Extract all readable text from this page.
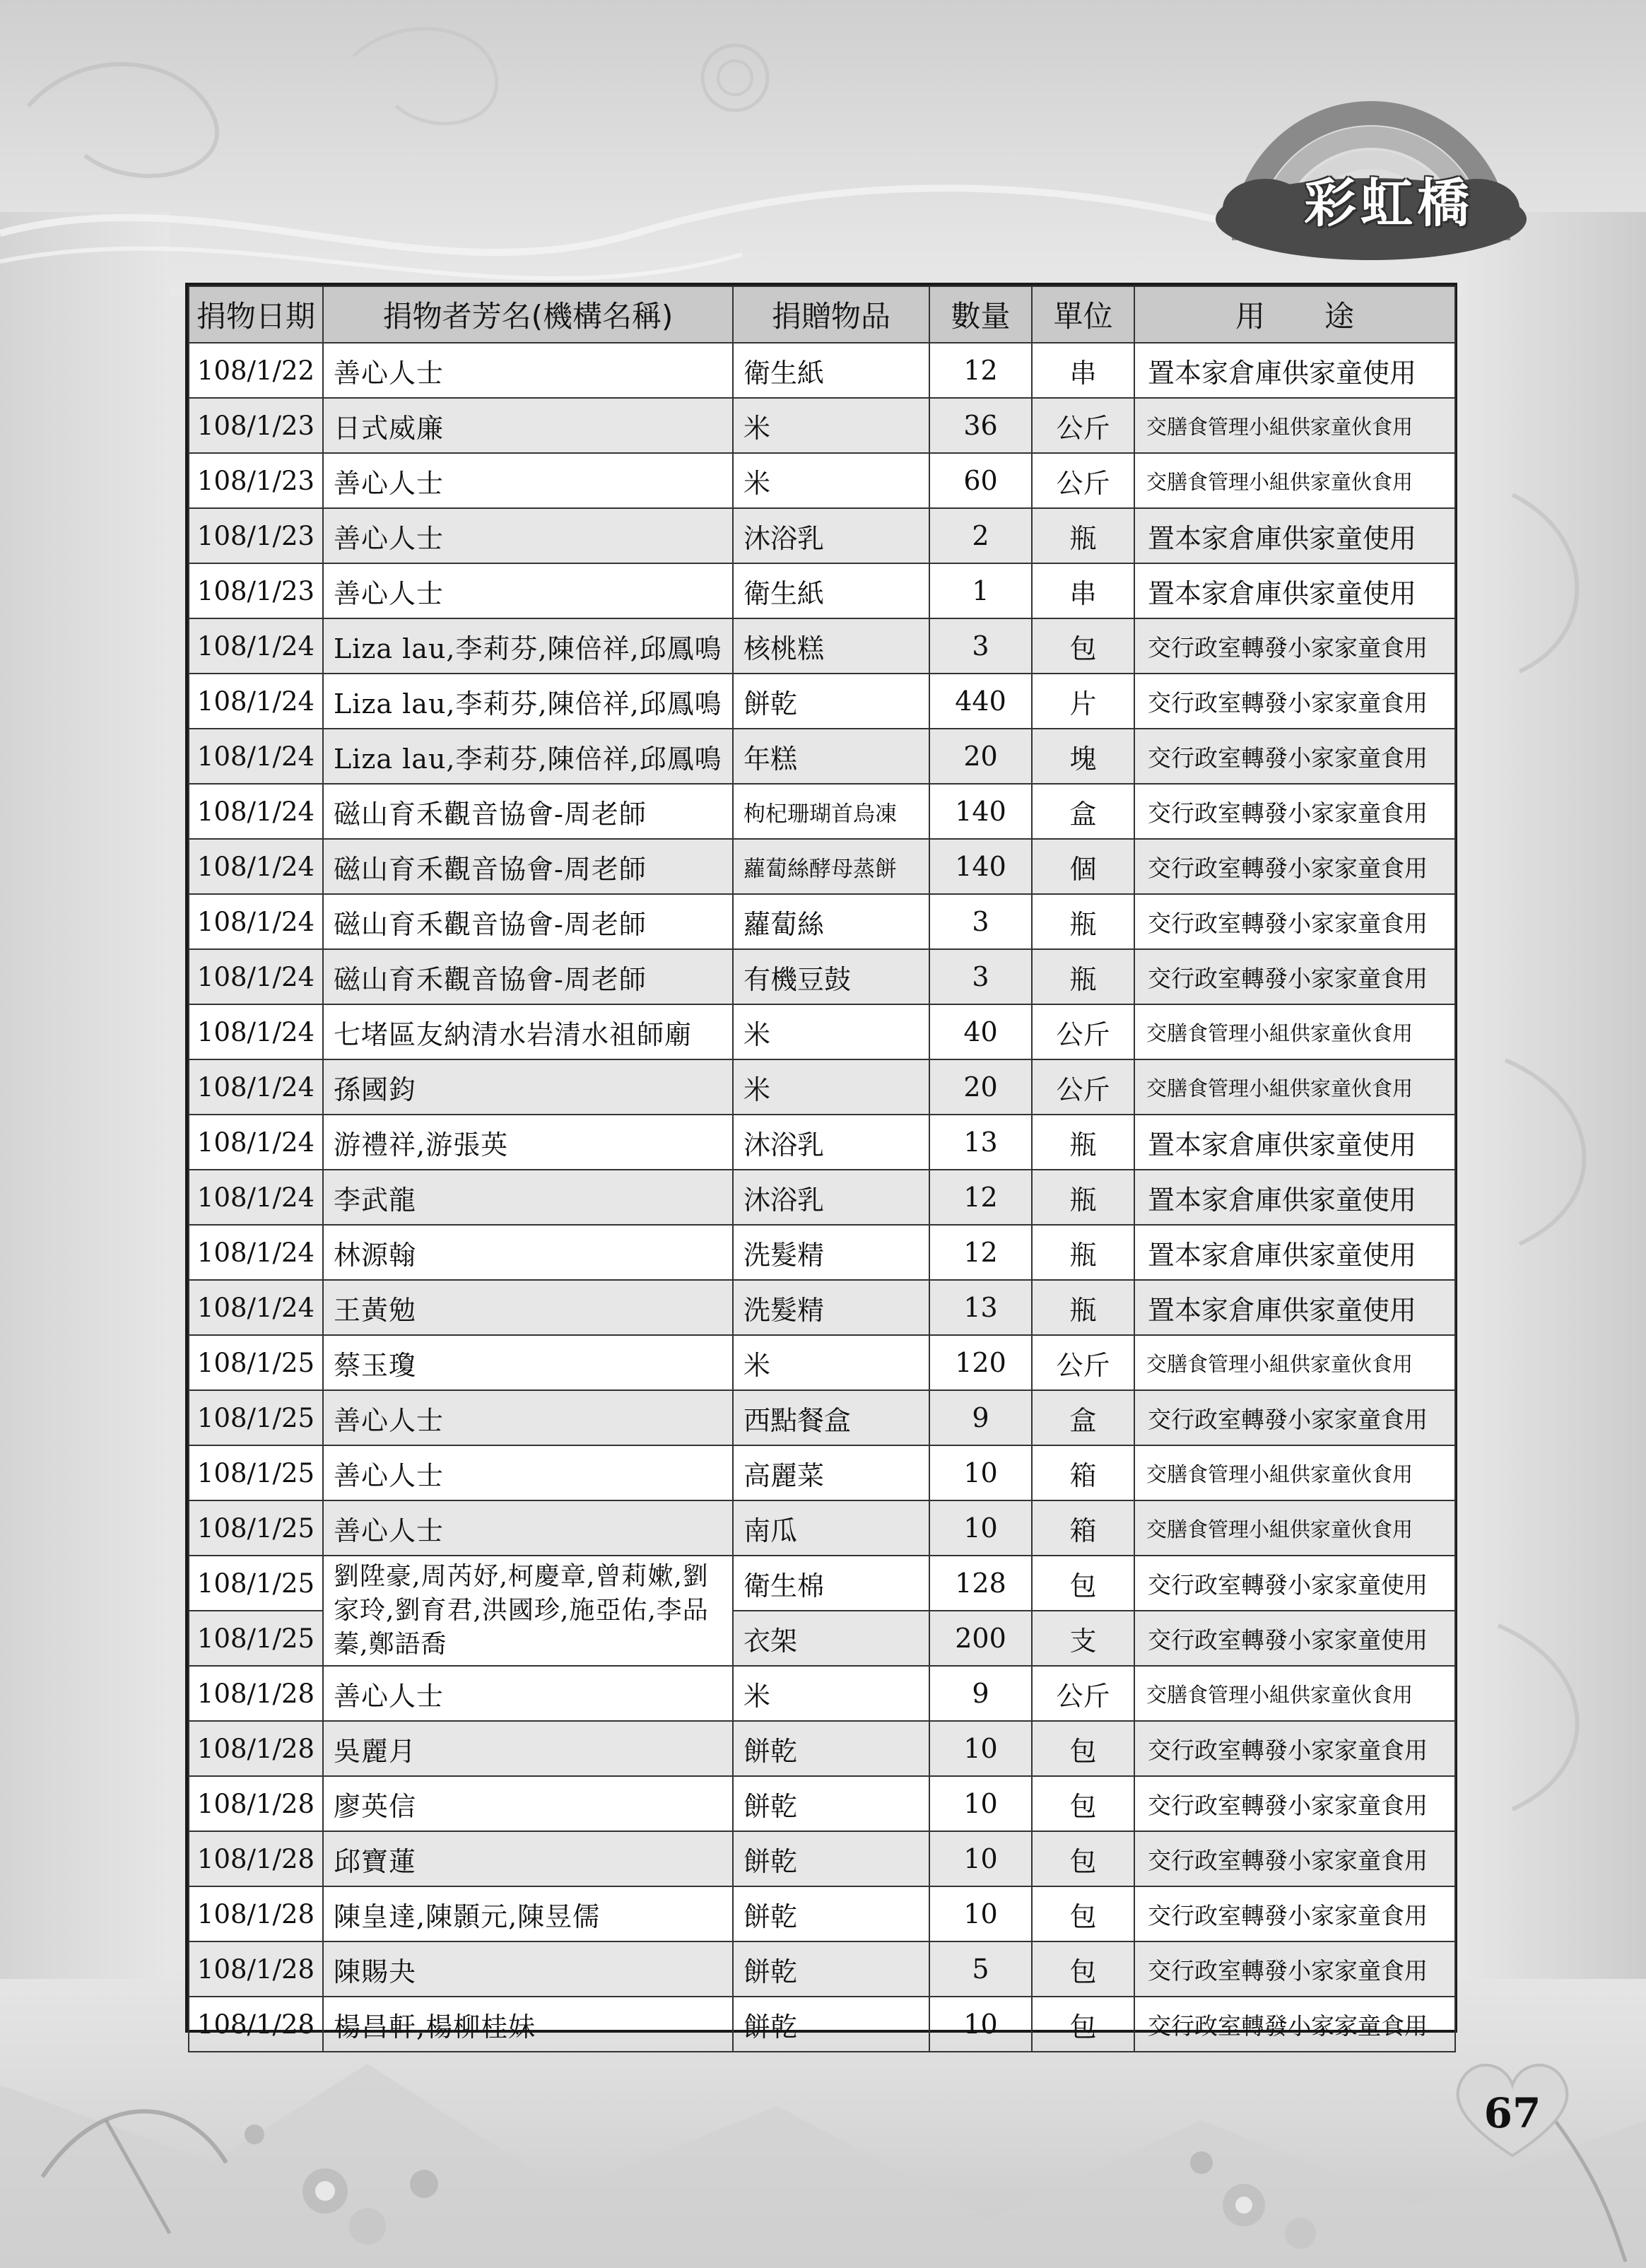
彩虹橋
捐物日期	捐物者芳名(機構名稱)	捐贈物品	數量	單位	用　　途
108/1/22	善心人士	衛生紙	12	串	置本家倉庫供家童使用
108/1/23	日式威廉	米	36	公斤	交膳食管理小組供家童伙食用
108/1/23	善心人士	米	60	公斤	交膳食管理小組供家童伙食用
108/1/23	善心人士	沐浴乳	2	瓶	置本家倉庫供家童使用
108/1/23	善心人士	衛生紙	1	串	置本家倉庫供家童使用
108/1/24	Liza lau,李莉芬,陳倍祥,邱鳳鳴	核桃糕	3	包	交行政室轉發小家家童食用
108/1/24	Liza lau,李莉芬,陳倍祥,邱鳳鳴	餅乾	440	片	交行政室轉發小家家童食用
108/1/24	Liza lau,李莉芬,陳倍祥,邱鳳鳴	年糕	20	塊	交行政室轉發小家家童食用
108/1/24	磁山育禾觀音協會-周老師	枸杞珊瑚首烏凍	140	盒	交行政室轉發小家家童食用
108/1/24	磁山育禾觀音協會-周老師	蘿蔔絲酵母蒸餅	140	個	交行政室轉發小家家童食用
108/1/24	磁山育禾觀音協會-周老師	蘿蔔絲	3	瓶	交行政室轉發小家家童食用
108/1/24	磁山育禾觀音協會-周老師	有機豆鼓	3	瓶	交行政室轉發小家家童食用
108/1/24	七堵區友納清水岩清水祖師廟	米	40	公斤	交膳食管理小組供家童伙食用
108/1/24	孫國鈞	米	20	公斤	交膳食管理小組供家童伙食用
108/1/24	游禮祥,游張英	沐浴乳	13	瓶	置本家倉庫供家童使用
108/1/24	李武龍	沐浴乳	12	瓶	置本家倉庫供家童使用
108/1/24	林源翰	洗髮精	12	瓶	置本家倉庫供家童使用
108/1/24	王黃勉	洗髮精	13	瓶	置本家倉庫供家童使用
108/1/25	蔡玉瓊	米	120	公斤	交膳食管理小組供家童伙食用
108/1/25	善心人士	西點餐盒	9	盒	交行政室轉發小家家童食用
108/1/25	善心人士	高麗菜	10	箱	交膳食管理小組供家童伙食用
108/1/25	善心人士	南瓜	10	箱	交膳食管理小組供家童伙食用
108/1/25	劉陞豪,周芮妤,柯慶章,曾莉嫰,劉家玲,劉育君,洪國珍,施亞佑,李品蓁,鄭語喬	衛生棉	128	包	交行政室轉發小家家童使用
108/1/25		衣架	200	支	交行政室轉發小家家童使用
108/1/28	善心人士	米	9	公斤	交膳食管理小組供家童伙食用
108/1/28	吳麗月	餅乾	10	包	交行政室轉發小家家童食用
108/1/28	廖英信	餅乾	10	包	交行政室轉發小家家童食用
108/1/28	邱寶蓮	餅乾	10	包	交行政室轉發小家家童食用
108/1/28	陳皇達,陳顥元,陳昱儒	餅乾	10	包	交行政室轉發小家家童食用
108/1/28	陳賜夬	餅乾	5	包	交行政室轉發小家家童食用
108/1/28	楊昌軒,楊柳桂妹	餅乾	10	包	交行政室轉發小家家童食用
67
